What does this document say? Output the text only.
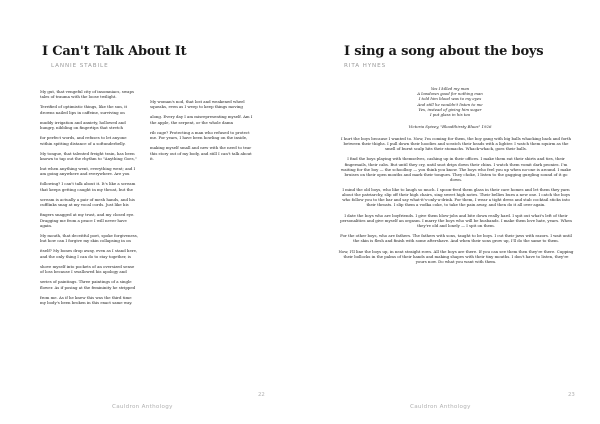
I Can't Talk About It
LANNIE STABILE

My gut, that vengeful city of insomniacs, swaps tales of trauma with the loose twilight.

Terrified of optimistic things, like the sun, it drowns nailed lips in caffeine, surviving on

muddy irrigation and anxiety, hollowed and hungry, nibbling on fingertips that stretch

for perfect words, and refuses to let anyone within spitting distance of a softunderbelly.

My tongue, that talented freight train, has been known to tap out the rhythm to "Anything Goes,"

but when anything went, everything went; and I am going anywhere and everywhere. Are you

following? I can't talk about it. It's like a scream that keeps getting caught in my throat, but the

scream is actually a pair of mesh hands, and his cufflinks snag at my vocal cords. Just like his

fingers snagged at my trust, and my closed eye. Dragging me from a peace I will never have again.

My mouth, that deceitful poet, spoke forgiveness, but how can I forgive my skin collapsing in on

itself? My bones drop away, even as I stand here, and the only thing I can do to stay together, is

shove myself into pockets of an oversized sense of loss because I swallowed his apology and

series of paintings. Three paintings of a single flower. As if posing at the femininity he stripped

from me. As if he knew this was the third time my body's been broken in this exact same way.

My woman's nod, that lost and weakened wheel squeaks, even as I weep to keep things moving

along. Every day I am misrepresenting myself. Am I the apple, the serpent, or the whole damn

rib cage? Protecting a man who refused to protect me. For years, I have been howling on the inside,

making myself small and new with the need to tear this story out of my body, and still I can't talk about it.

22
Cauldron Anthology
I sing a song about the boys
RITA HYNES
Yes I killed my man
A lowdown good for nothing man
I told him blood was to my eyes
And still he wouldn't listen to me
Yes, instead of giving him sugar
I put glass in his tea
Victoria Spivey, "Bloodthirsty Blues" 1926

I hurt the boys because I wanted to. Now, I'm coming for them, the boy gang with big balls whacking back and forth between their thighs. I pull down their hoodies and scratch their heads with a lighter. I watch them squirm as the smell of burnt scalp hits their stomachs. Whack-whack, goes their balls.

I find the boys playing with themselves, cashing up in their offices. I make them eat their shirts and ties, their fingernails, their cabs. But until they cry, until snot drips down their chins. I watch them vomit dark peonies. I'm waiting for the boy — the schoolboy — you think you know. The boys who feel you up when no-one is around. I make bruises on their open mouths and mark their tongues. They choke, I listen to the gagging gurgling sound of it go down.

I mind the old boys, who like to laugh so much. I spoon-feed them glass in their care homes and let them they yarn about the patriarchy, slip off their high chairs, sing sweet high notes. Their bellies burn a new one. I catch the boys who follow you to the bar and say what-it's-only-a-drink. For them, I wear a tight dress and stab cocktail sticks into their throats. I slip them a vodka coke, to take the pain away, and then do it all over again.

I date the boys who are boyfriends. I give them blow-jobs and bite down really hard. I spit out what's left of their personalities and give myself an orgasm. I marry the boys who will be husbands. I make them love hate, years. When they're old and lonely — I spit on them.

For the other boys, who are fathers. The fathers with sons, taught to be boys. I cut their jaws with razors. I wait until the skin is flesh and finish with some aftershave. And when their sons grow up, I'll do the same to them.

Now, I'll line the boys up, in neat straight rows. All the boys are there. If you can see them then they're there. Cupping their bollocks in the palms of their hands and making shapes with their tiny mouths. I don't have to listen, they're yours now. Do what you want with them.

23
Cauldron Anthology
